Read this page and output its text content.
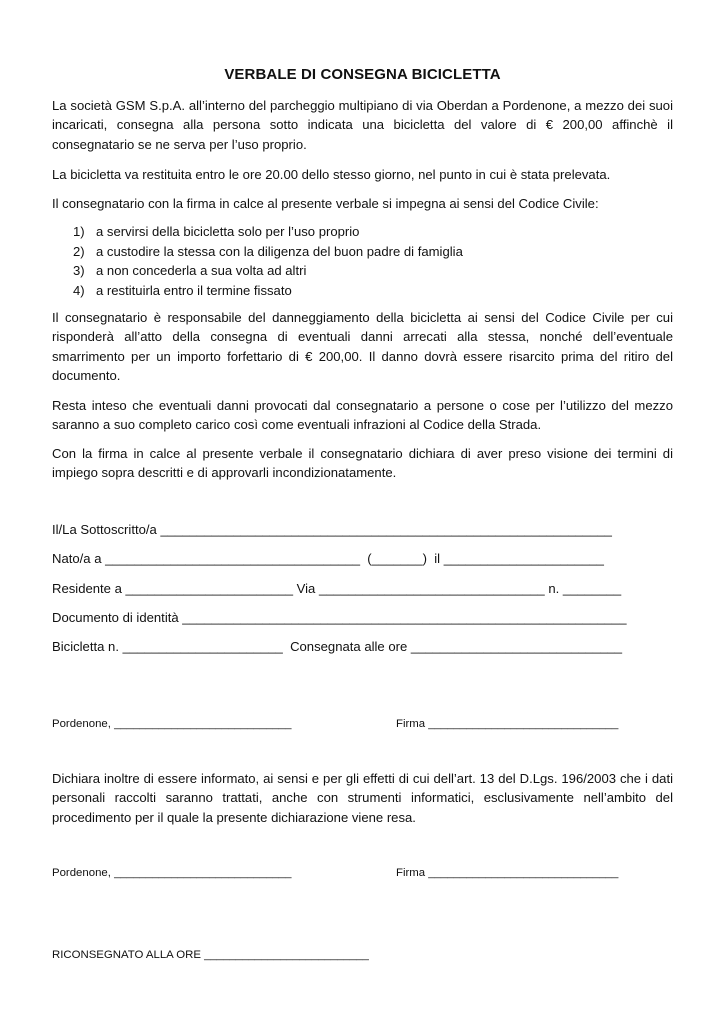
VERBALE DI CONSEGNA BICICLETTA

La società GSM S.p.A. all’interno del parcheggio multipiano di via Oberdan a Pordenone, a mezzo dei suoi incaricati, consegna alla persona sotto indicata una bicicletta del valore di € 200,00 affinchè il consegnatario se ne serva per l’uso proprio.

La bicicletta va restituita entro le ore 20.00 dello stesso giorno, nel punto in cui è stata prelevata.

Il consegnatario con la firma in calce al presente verbale si impegna ai sensi del Codice Civile:

1) a servirsi della bicicletta solo per l’uso proprio
2) a custodire la stessa con la diligenza del buon padre di famiglia
3) a non concederla a sua volta ad altri
4) a restituirla entro il termine fissato

Il consegnatario è responsabile del danneggiamento della bicicletta ai sensi del Codice Civile per cui risponderà all’atto della consegna di eventuali danni arrecati alla stessa, nonché dell’eventuale smarrimento per un importo forfettario di € 200,00. Il danno dovrà essere risarcito prima del ritiro del documento.

Resta inteso che eventuali danni provocati dal consegnatario a persone o cose per l’utilizzo del mezzo saranno a suo completo carico così come eventuali infrazioni al Codice della Strada.

Con la firma in calce al presente verbale il consegnatario dichiara di aver preso visione dei termini di impiego sopra descritti e di approvarli incondizionatamente.

Il/La Sottoscritto/a ______________________________________________________________
Nato/a a ___________________________________  (_______)  il ______________________
Residente a _______________________ Via _______________________________ n. ________
Documento di identità _____________________________________________________________
Bicicletta n. ______________________  Consegnata alle ore _____________________________
Pordenone, ____________________________	Firma ______________________________

Dichiara inoltre di essere informato, ai sensi e per gli effetti di cui dell’art. 13 del D.Lgs. 196/2003 che i dati personali raccolti saranno trattati, anche con strumenti informatici, esclusivamente nell’ambito del procedimento per il quale la presente dichiarazione viene resa.

Pordenone, ____________________________	Firma ______________________________
RICONSEGNATO ALLA ORE __________________________
